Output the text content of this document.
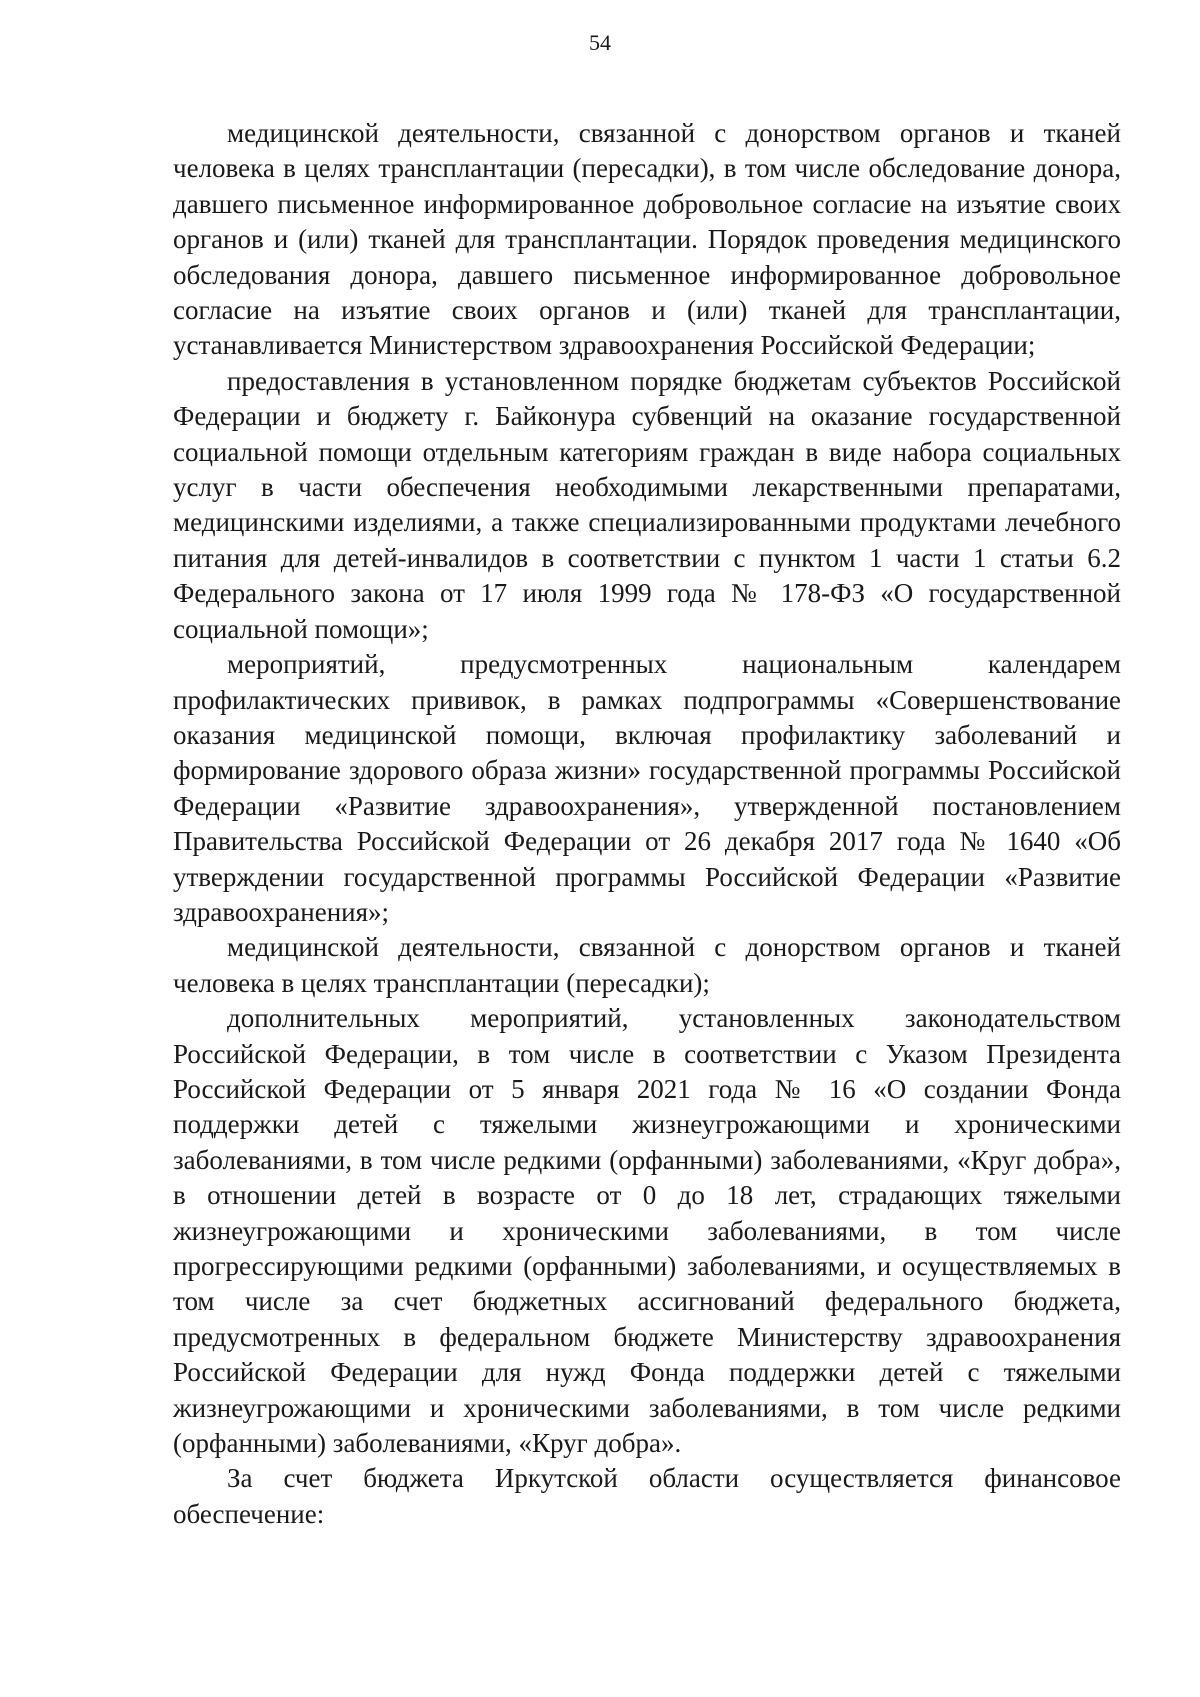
54

медицинской деятельности, связанной с донорством органов и тканей человека в целях трансплантации (пересадки), в том числе обследование донора, давшего письменное информированное добровольное согласие на изъятие своих органов и (или) тканей для трансплантации. Порядок проведения медицинского обследования донора, давшего письменное информированное добровольное согласие на изъятие своих органов и (или) тканей для трансплантации, устанавливается Министерством здравоохранения Российской Федерации;

предоставления в установленном порядке бюджетам субъектов Российской Федерации и бюджету г. Байконура субвенций на оказание государственной социальной помощи отдельным категориям граждан в виде набора социальных услуг в части обеспечения необходимыми лекарственными препаратами, медицинскими изделиями, а также специализированными продуктами лечебного питания для детей-инвалидов в соответствии с пунктом 1 части 1 статьи 6.2 Федерального закона от 17 июля 1999 года № 178-ФЗ «О государственной социальной помощи»;

мероприятий, предусмотренных национальным календарем профилактических прививок, в рамках подпрограммы «Совершенствование оказания медицинской помощи, включая профилактику заболеваний и формирование здорового образа жизни» государственной программы Российской Федерации «Развитие здравоохранения», утвержденной постановлением Правительства Российской Федерации от 26 декабря 2017 года № 1640 «Об утверждении государственной программы Российской Федерации «Развитие здравоохранения»;

медицинской деятельности, связанной с донорством органов и тканей человека в целях трансплантации (пересадки);

дополнительных мероприятий, установленных законодательством Российской Федерации, в том числе в соответствии с Указом Президента Российской Федерации от 5 января 2021 года № 16 «О создании Фонда поддержки детей с тяжелыми жизнеугрожающими и хроническими заболеваниями, в том числе редкими (орфанными) заболеваниями, «Круг добра», в отношении детей в возрасте от 0 до 18 лет, страдающих тяжелыми жизнеугрожающими и хроническими заболеваниями, в том числе прогрессирующими редкими (орфанными) заболеваниями, и осуществляемых в том числе за счет бюджетных ассигнований федерального бюджета, предусмотренных в федеральном бюджете Министерству здравоохранения Российской Федерации для нужд Фонда поддержки детей с тяжелыми жизнеугрожающими и хроническими заболеваниями, в том числе редкими (орфанными) заболеваниями, «Круг добра».

За счет бюджета Иркутской области осуществляется финансовое обеспечение:
